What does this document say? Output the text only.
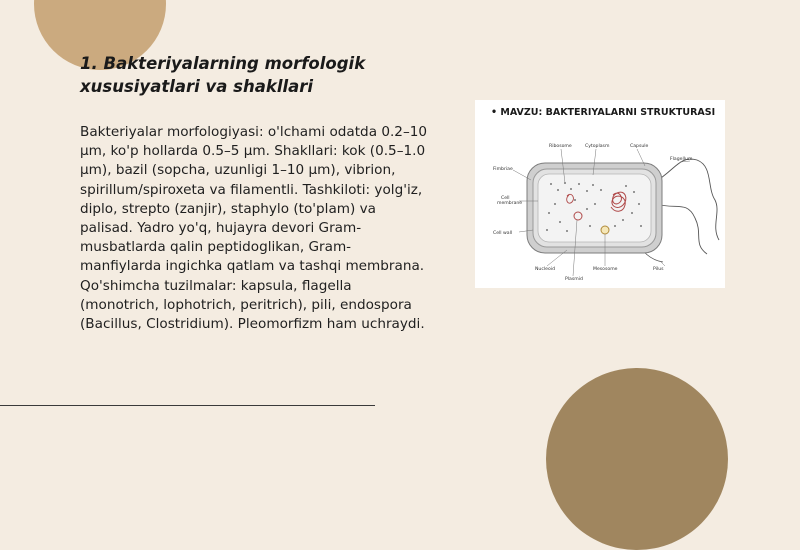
1. Bakteriyalarning morfologik xususiyatlari va shakllari

Bakteriyalar morfologiyasi: o'lchami odatda 0.2–10 µm, ko'p hollarda 0.5–5 µm. Shakllari: kok (0.5–1.0 µm), bazil (sopcha, uzunligi 1–10 µm), vibrion, spirillum/spiroxeta va filamentli. Tashkiloti: yolg'iz, diplo, strepto (zanjir), staphylo (to'plam) va palisad. Yadro yo'q, hujayra devori Gram-musbatlarda qalin peptidoglikan, Gram-manfiylarda ingichka qatlam va tashqi membrana. Qo'shimcha tuzilmalar: kapsula, flagella (monotrich, lophotrich, peritrich), pili, endospora (Bacillus, Clostridium). Pleomorfizm ham uchraydi.

• MAVZU: BAKTERIYALARNI STRUKTURASI
Ribosome	Cytoplasm	Capsule
Flagellum
Fimbriae
Cell
membrane
Cell wall
Nucleoid
Plasmid
Mesosome	Pilus
